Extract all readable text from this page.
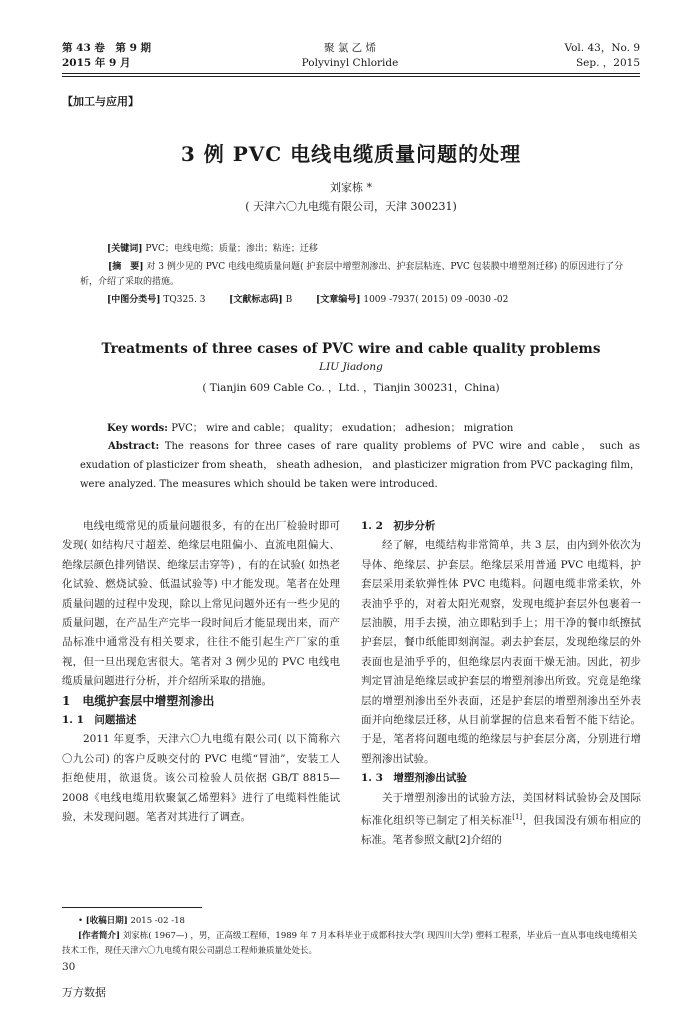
第 43 卷　第 9 期
2015 年 9 月
聚 氯 乙 烯
Polyvinyl Chloride
Vol. 43，No. 9
Sep. ，2015
【加工与应用】
3 例 PVC 电线电缆质量问题的处理
刘家栋 *
( 天津六〇九电缆有限公司，天津 300231)
[关键词] PVC；电线电缆；质量；渗出；粘连；迁移
[摘　要] 对 3 例少见的 PVC 电线电缆质量问题( 护套层中增塑剂渗出、护套层粘连、PVC 包装膜中增塑剂迁移) 的原因进行了分析，介绍了采取的措施。
[中图分类号] TQ325. 3	[文献标志码] B	[文章编号] 1009 -7937( 2015) 09 -0030 -02
Treatments of three cases of PVC wire and cable quality problems
LIU Jiadong
( Tianjin 609 Cable Co. ，Ltd. ，Tianjin 300231，China)
Key words: PVC； wire and cable； quality； exudation； adhesion； migration
Abstract: The reasons for three cases of rare quality problems of PVC wire and cable， such as exudation of plasticizer from sheath， sheath adhesion， and plasticizer migration from PVC packaging film， were analyzed. The measures which should be taken were introduced.

电线电缆常见的质量问题很多，有的在出厂检验时即可发现( 如结构尺寸超差、绝缘层电阻偏小、直流电阻偏大、绝缘层颜色排列错误、绝缘层击穿等) ，有的在试验( 如热老化试验、燃烧试验、低温试验等) 中才能发现。笔者在处理质量问题的过程中发现，除以上常见问题外还有一些少见的质量问题，在产品生产完毕一段时间后才能显现出来，而产品标准中通常没有相关要求，往往不能引起生产厂家的重视，但一旦出现危害很大。笔者对 3 例少见的 PVC 电线电缆质量问题进行分析，并介绍所采取的措施。

1　电缆护套层中增塑剂渗出

1. 1　问题描述

2011 年夏季，天津六〇九电缆有限公司( 以下简称六〇九公司) 的客户反映交付的 PVC 电缆“冒油”，安装工人拒绝使用，欲退货。该公司检验人员依据 GB/T 8815—2008《电线电缆用软聚氯乙烯塑料》进行了电缆料性能试验，未发现问题。笔者对其进行了调查。

1. 2　初步分析

经了解，电缆结构非常简单，共 3 层，由内到外依次为导体、绝缘层、护套层。绝缘层采用普通 PVC 电缆料，护套层采用柔软弹性体 PVC 电缆料。问题电缆非常柔软，外表油乎乎的，对着太阳光观察，发现电缆护套层外包裹着一层油膜，用手去摸，油立即粘到手上；用干净的餐巾纸擦拭护套层，餐巾纸能即刻润湿。剥去护套层，发现绝缘层的外表面也是油乎乎的，但绝缘层内表面干燥无油。因此，初步判定冒油是绝缘层或护套层的增塑剂渗出所致。究竟是绝缘层的增塑剂渗出至外表面，还是护套层的增塑剂渗出至外表面并向绝缘层迁移，从目前掌握的信息来看暂不能下结论。于是，笔者将问题电缆的绝缘层与护套层分离，分别进行增塑剂渗出试验。

1. 3　增塑剂渗出试验

关于增塑剂渗出的试验方法，美国材料试验协会及国际标准化组织等已制定了相关标准[1]，但我国没有颁布相应的标准。笔者参照文献[2]介绍的

• [收稿日期] 2015 -02 -18
[作者简介] 刘家栋( 1967—) ，男，正高级工程师，1989 年 7 月本科毕业于成都科技大学( 现四川大学) 塑料工程系，毕业后一直从事电线电缆相关技术工作，现任天津六〇九电缆有限公司副总工程师兼质量处处长。
30
万方数据
